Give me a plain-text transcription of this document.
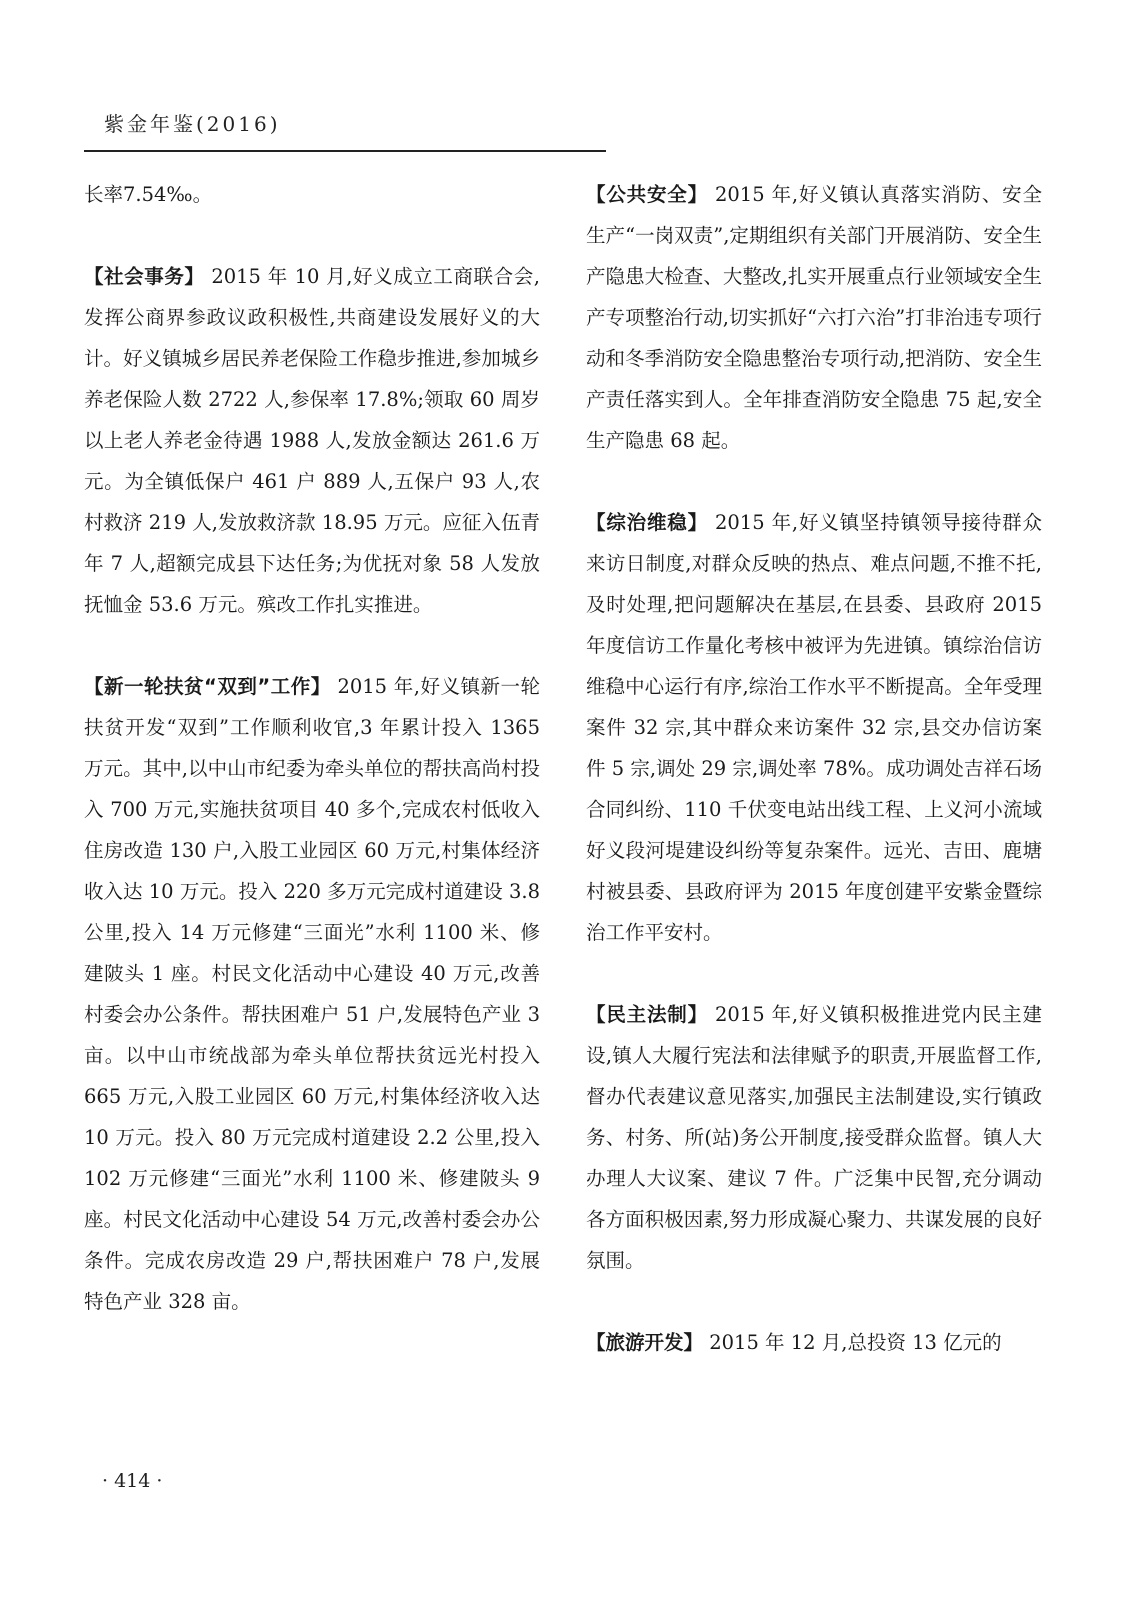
紫金年鉴(2016)

长率7.54‰。

【社会事务】 2015 年 10 月,好义成立工商联合会,发挥公商界参政议政积极性,共商建设发展好义的大计。好义镇城乡居民养老保险工作稳步推进,参加城乡养老保险人数 2722 人,参保率 17.8%;领取 60 周岁以上老人养老金待遇 1988 人,发放金额达 261.6 万元。为全镇低保户 461 户 889 人,五保户 93 人,农村救济 219 人,发放救济款 18.95 万元。应征入伍青年 7 人,超额完成县下达任务;为优抚对象 58 人发放抚恤金 53.6 万元。殡改工作扎实推进。

【新一轮扶贫“双到”工作】 2015 年,好义镇新一轮扶贫开发“双到”工作顺利收官,3 年累计投入 1365 万元。其中,以中山市纪委为牵头单位的帮扶高尚村投入 700 万元,实施扶贫项目 40 多个,完成农村低收入住房改造 130 户,入股工业园区 60 万元,村集体经济收入达 10 万元。投入 220 多万元完成村道建设 3.8 公里,投入 14 万元修建“三面光”水利 1100 米、修建陂头 1 座。村民文化活动中心建设 40 万元,改善村委会办公条件。帮扶困难户 51 户,发展特色产业 3 亩。以中山市统战部为牵头单位帮扶贫远光村投入 665 万元,入股工业园区 60 万元,村集体经济收入达 10 万元。投入 80 万元完成村道建设 2.2 公里,投入 102 万元修建“三面光”水利 1100 米、修建陂头 9 座。村民文化活动中心建设 54 万元,改善村委会办公条件。完成农房改造 29 户,帮扶困难户 78 户,发展特色产业 328 亩。

【公共安全】 2015 年,好义镇认真落实消防、安全生产“一岗双责”,定期组织有关部门开展消防、安全生产隐患大检查、大整改,扎实开展重点行业领域安全生产专项整治行动,切实抓好“六打六治”打非治违专项行动和冬季消防安全隐患整治专项行动,把消防、安全生产责任落实到人。全年排查消防安全隐患 75 起,安全生产隐患 68 起。

【综治维稳】 2015 年,好义镇坚持镇领导接待群众来访日制度,对群众反映的热点、难点问题,不推不托,及时处理,把问题解决在基层,在县委、县政府 2015 年度信访工作量化考核中被评为先进镇。镇综治信访维稳中心运行有序,综治工作水平不断提高。全年受理案件 32 宗,其中群众来访案件 32 宗,县交办信访案件 5 宗,调处 29 宗,调处率 78%。成功调处吉祥石场合同纠纷、110 千伏变电站出线工程、上义河小流域好义段河堤建设纠纷等复杂案件。远光、吉田、鹿塘村被县委、县政府评为 2015 年度创建平安紫金暨综治工作平安村。

【民主法制】 2015 年,好义镇积极推进党内民主建设,镇人大履行宪法和法律赋予的职责,开展监督工作,督办代表建议意见落实,加强民主法制建设,实行镇政务、村务、所(站)务公开制度,接受群众监督。镇人大办理人大议案、建议 7 件。广泛集中民智,充分调动各方面积极因素,努力形成凝心聚力、共谋发展的良好氛围。

【旅游开发】 2015 年 12 月,总投资 13 亿元的

· 414 ·
